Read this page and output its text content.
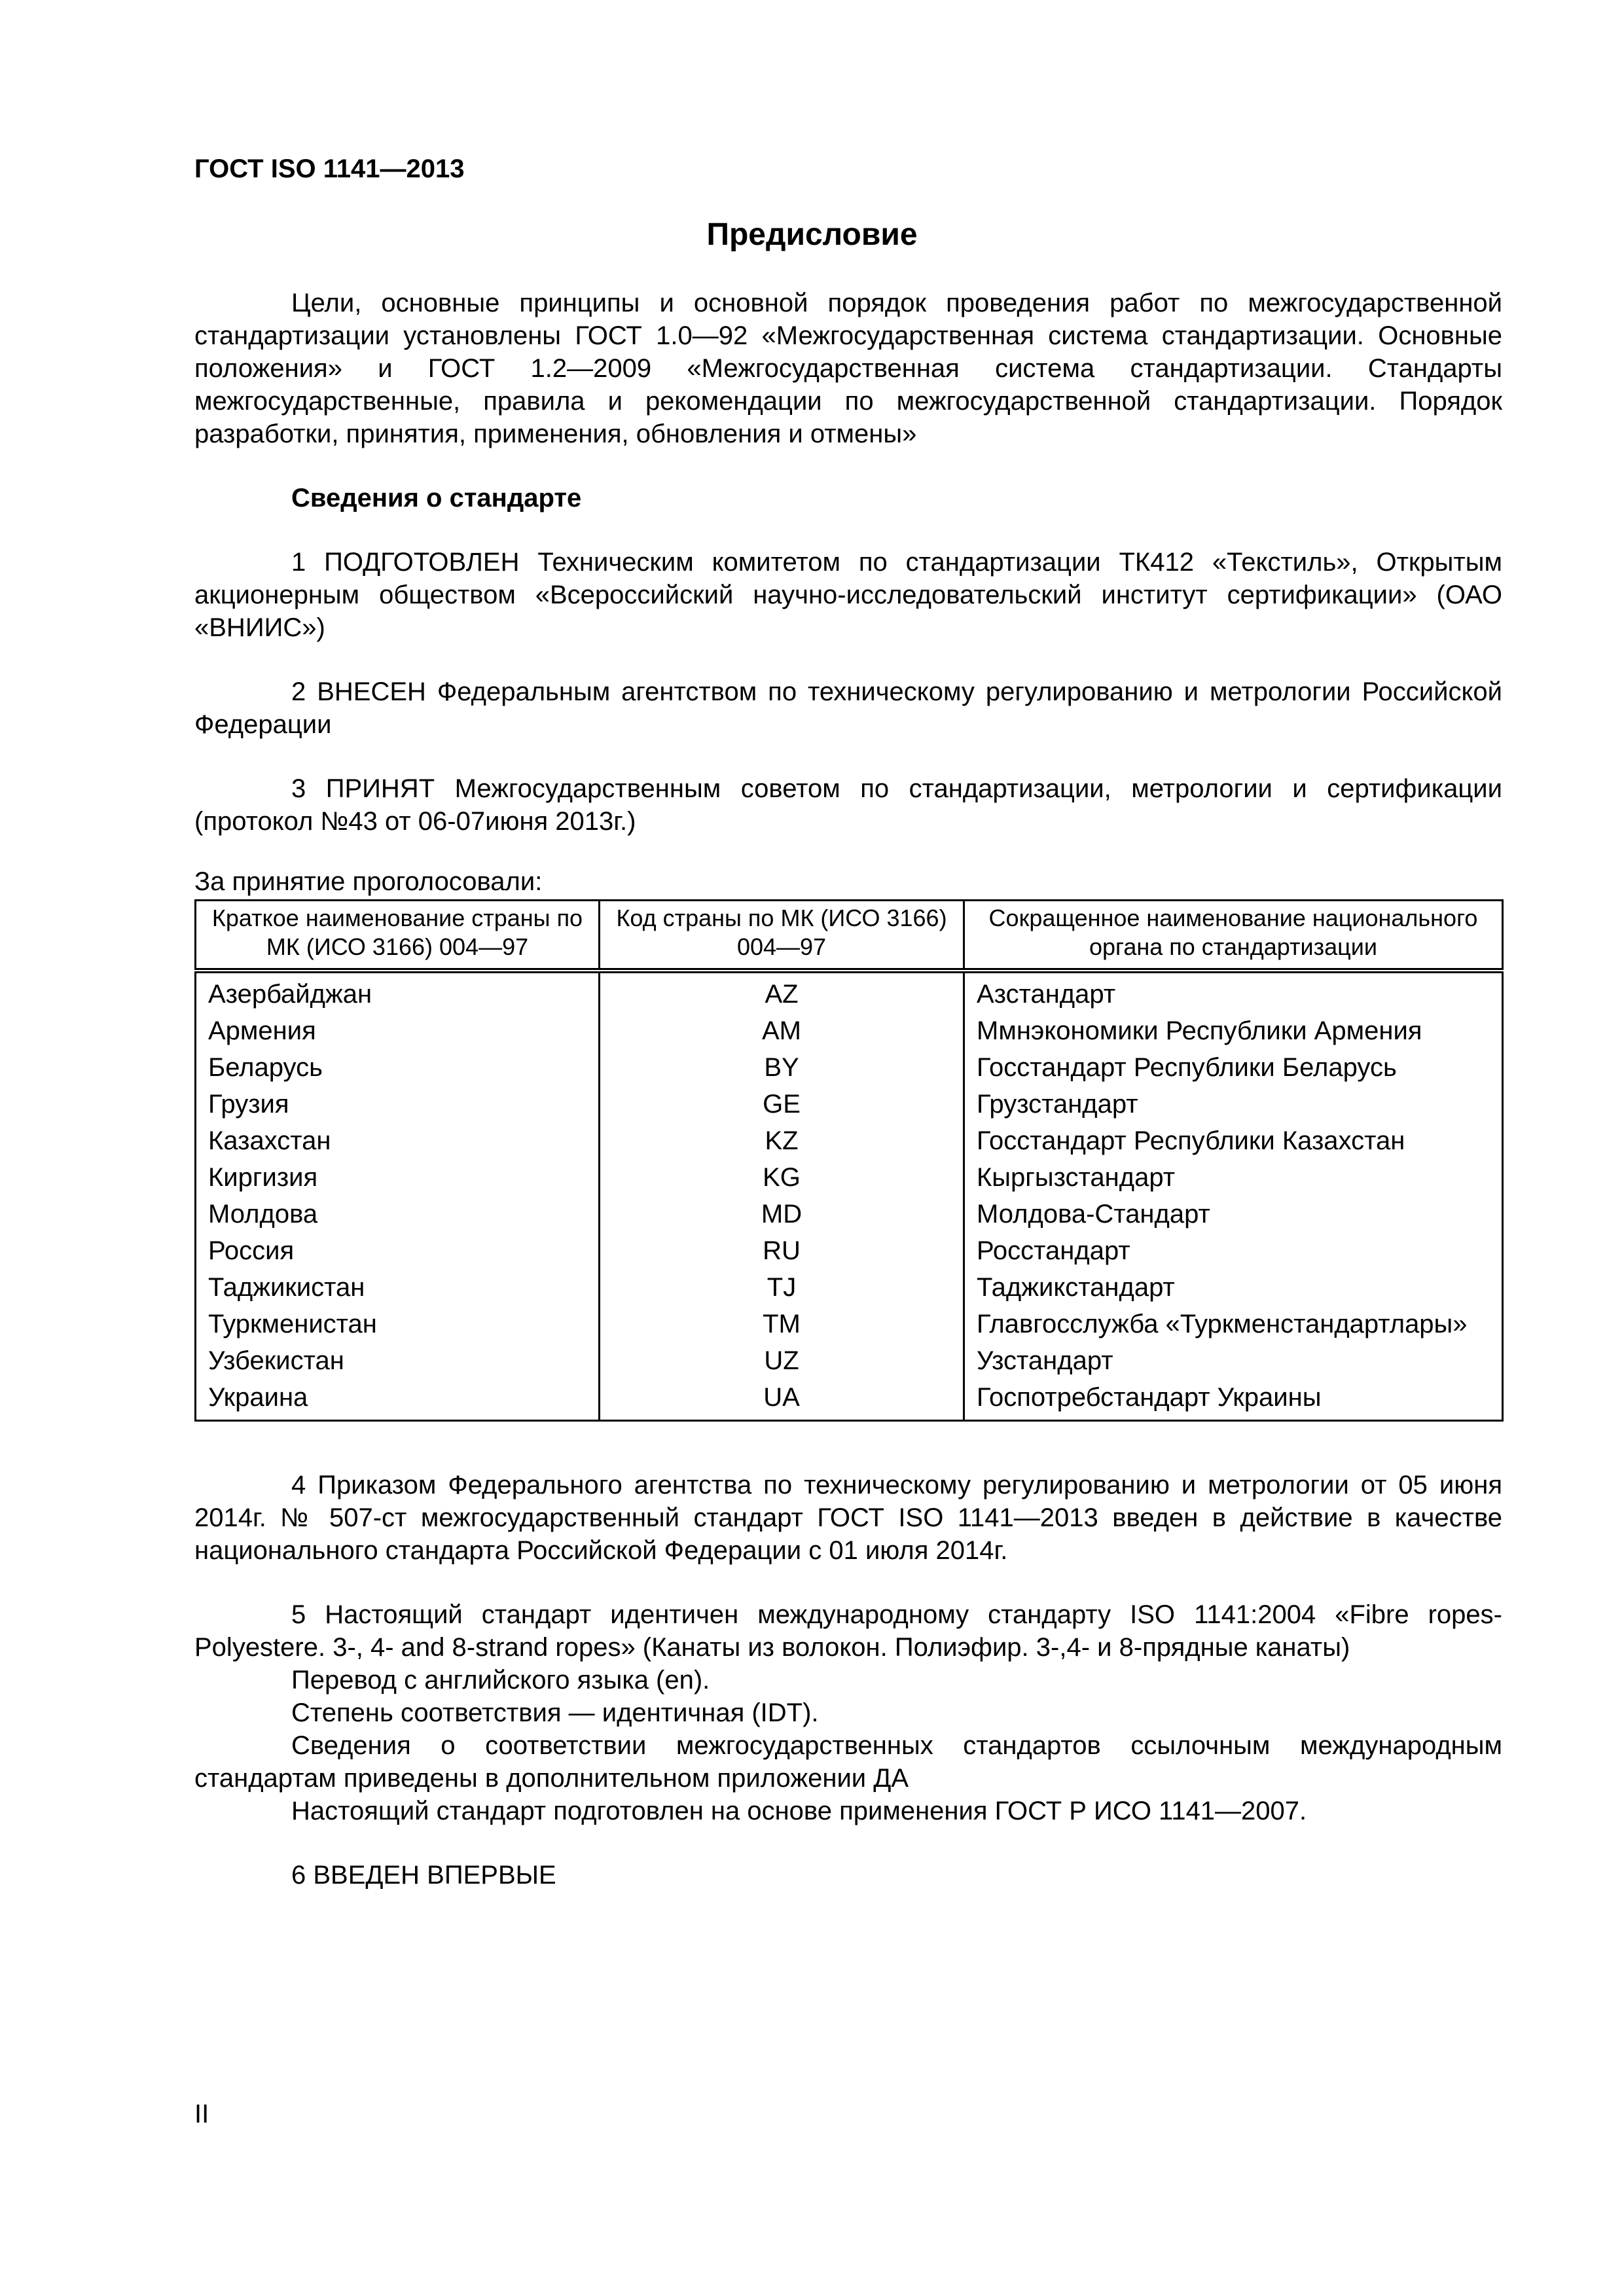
ГОСТ ISO 1141—2013
Предисловие

Цели, основные принципы и основной порядок проведения работ по межгосударственной стандартизации установлены ГОСТ 1.0—92 «Межгосударственная система стандартизации. Основные положения» и ГОСТ 1.2—2009 «Межгосударственная система стандартизации. Стандарты межгосударственные, правила и рекомендации по межгосударственной стандартизации. Порядок разработки, принятия, применения, обновления и отмены»

Сведения о стандарте

1 ПОДГОТОВЛЕН Техническим комитетом по стандартизации ТК412 «Текстиль», Открытым акционерным обществом «Всероссийский научно-исследовательский институт сертификации» (ОАО «ВНИИС»)

2 ВНЕСЕН Федеральным агентством по техническому регулированию и метрологии Российской Федерации

3 ПРИНЯТ Межгосударственным советом по стандартизации, метрологии и сертификации (протокол №43 от 06-07июня 2013г.)

За принятие проголосовали:

Краткое наименование страны по МК (ИСО 3166) 004—97	Код страны по МК (ИСО 3166) 004—97	Сокращенное наименование национального органа по стандартизации
Азербайджан	AZ	Азстандарт
Армения	AM	Ммнэкономики Республики Армения
Беларусь	BY	Госстандарт Республики Беларусь
Грузия	GE	Грузстандарт
Казахстан	KZ	Госстандарт Республики Казахстан
Киргизия	KG	Кыргызстандарт
Молдова	MD	Молдова-Стандарт
Россия	RU	Росстандарт
Таджикистан	TJ	Таджикстандарт
Туркменистан	TM	Главгосслужба «Туркменстандартлары»
Узбекистан	UZ	Узстандарт
Украина	UA	Госпотребстандарт Украины

4 Приказом Федерального агентства по техническому регулированию и метрологии от 05 июня 2014г. № 507-ст межгосударственный стандарт ГОСТ ISO 1141—2013 введен в действие в качестве национального стандарта Российской Федерации с 01 июля 2014г.

5 Настоящий стандарт идентичен международному стандарту ISO 1141:2004 «Fibre ropes-Polyestere. 3-, 4- and 8-strand ropes» (Канаты из волокон. Полиэфир. 3-,4- и 8-прядные канаты)

Перевод с английского языка (en).

Степень соответствия — идентичная (IDT).

Сведения о соответствии межгосударственных стандартов ссылочным международным стандартам приведены в дополнительном приложении ДА

Настоящий стандарт подготовлен на основе применения ГОСТ Р ИСО 1141—2007.

6 ВВЕДЕН ВПЕРВЫЕ

II
